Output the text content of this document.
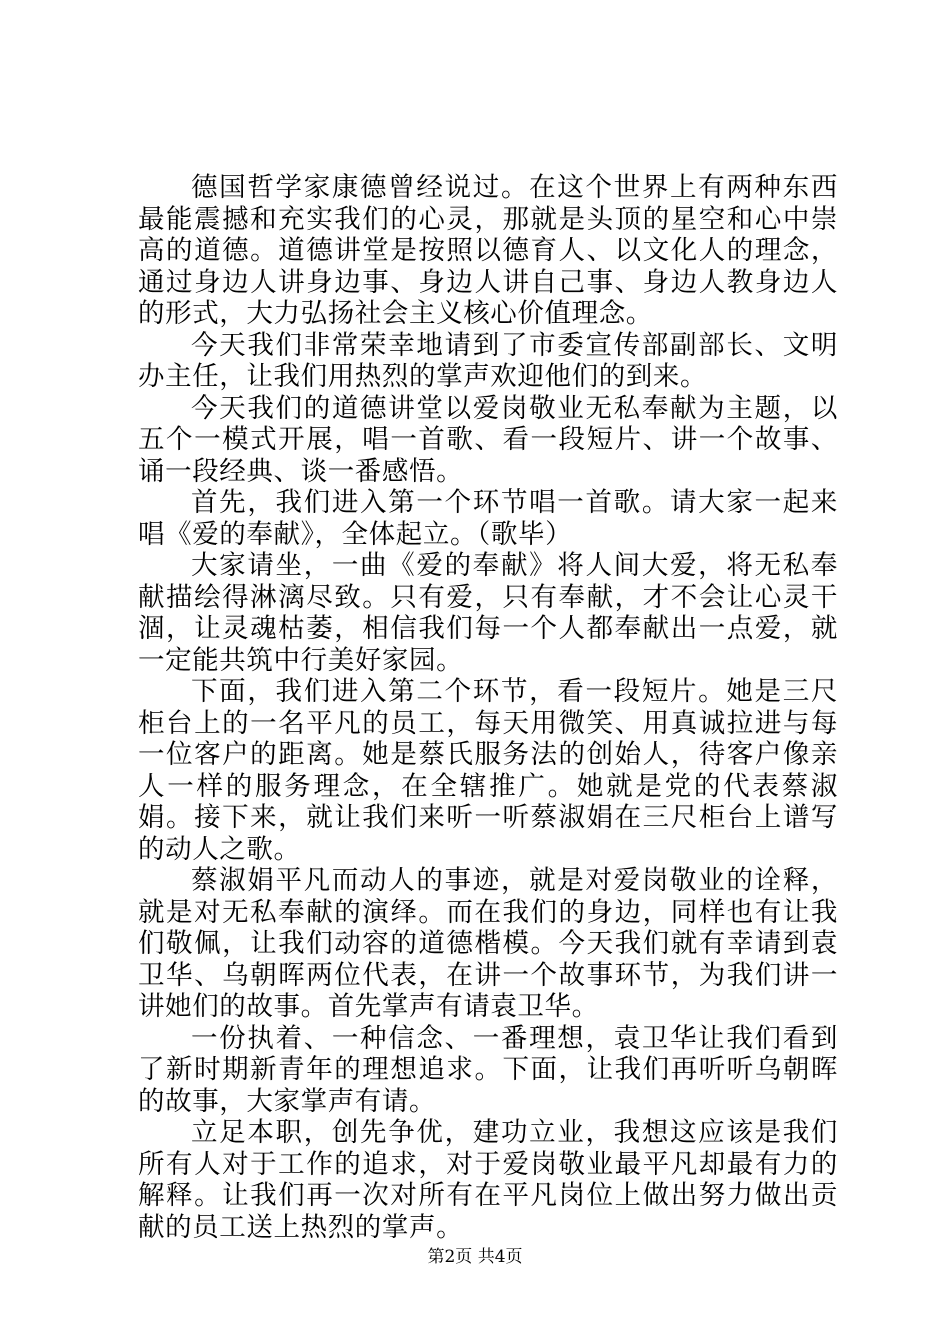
德国哲学家康德曾经说过。在这个世界上有两种东西最能震撼和充实我们的心灵，那就是头顶的星空和心中崇高的道德。道德讲堂是按照以德育人、以文化人的理念，通过身边人讲身边事、身边人讲自己事、身边人教身边人的形式，大力弘扬社会主义核心价值理念。

今天我们非常荣幸地请到了市委宣传部副部长、文明办主任，让我们用热烈的掌声欢迎他们的到来。

今天我们的道德讲堂以爱岗敬业无私奉献为主题，以五个一模式开展，唱一首歌、看一段短片、讲一个故事、诵一段经典、谈一番感悟。

首先，我们进入第一个环节唱一首歌。请大家一起来唱《爱的奉献》，全体起立。（歌毕）

大家请坐，一曲《爱的奉献》将人间大爱，将无私奉献描绘得淋漓尽致。只有爱，只有奉献，才不会让心灵干涸，让灵魂枯萎，相信我们每一个人都奉献出一点爱，就一定能共筑中行美好家园。

下面，我们进入第二个环节，看一段短片。她是三尺柜台上的一名平凡的员工，每天用微笑、用真诚拉进与每一位客户的距离。她是蔡氏服务法的创始人，待客户像亲人一样的服务理念，在全辖推广。她就是党的代表蔡淑娟。接下来，就让我们来听一听蔡淑娟在三尺柜台上谱写的动人之歌。

蔡淑娟平凡而动人的事迹，就是对爱岗敬业的诠释，就是对无私奉献的演绎。而在我们的身边，同样也有让我们敬佩，让我们动容的道德楷模。今天我们就有幸请到袁卫华、乌朝晖两位代表，在讲一个故事环节，为我们讲一讲她们的故事。首先掌声有请袁卫华。

一份执着、一种信念、一番理想，袁卫华让我们看到了新时期新青年的理想追求。下面，让我们再听听乌朝晖的故事，大家掌声有请。

立足本职，创先争优，建功立业，我想这应该是我们所有人对于工作的追求，对于爱岗敬业最平凡却最有力的解释。让我们再一次对所有在平凡岗位上做出努力做出贡献的员工送上热烈的掌声。

第2页 共4页
